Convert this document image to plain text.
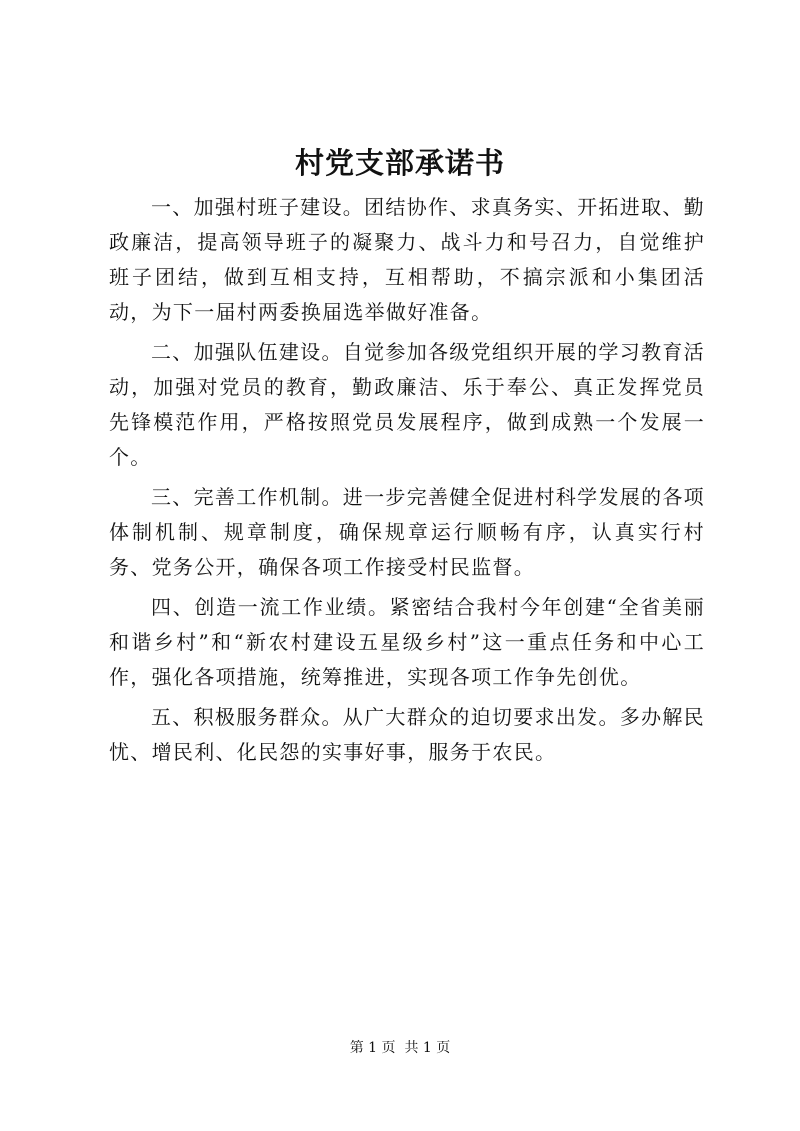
村党支部承诺书

一、加强村班子建设。团结协作、求真务实、开拓进取、勤政廉洁，提高领导班子的凝聚力、战斗力和号召力，自觉维护班子团结，做到互相支持，互相帮助，不搞宗派和小集团活动，为下一届村两委换届选举做好准备。

二、加强队伍建设。自觉参加各级党组织开展的学习教育活动，加强对党员的教育，勤政廉洁、乐于奉公、真正发挥党员先锋模范作用，严格按照党员发展程序，做到成熟一个发展一个。

三、完善工作机制。进一步完善健全促进村科学发展的各项体制机制、规章制度，确保规章运行顺畅有序，认真实行村务、党务公开，确保各项工作接受村民监督。

四、创造一流工作业绩。紧密结合我村今年创建“全省美丽和谐乡村”和“新农村建设五星级乡村”这一重点任务和中心工作，强化各项措施，统筹推进，实现各项工作争先创优。

五、积极服务群众。从广大群众的迫切要求出发。多办解民忧、增民利、化民怨的实事好事，服务于农民。

第 1 页  共 1 页
